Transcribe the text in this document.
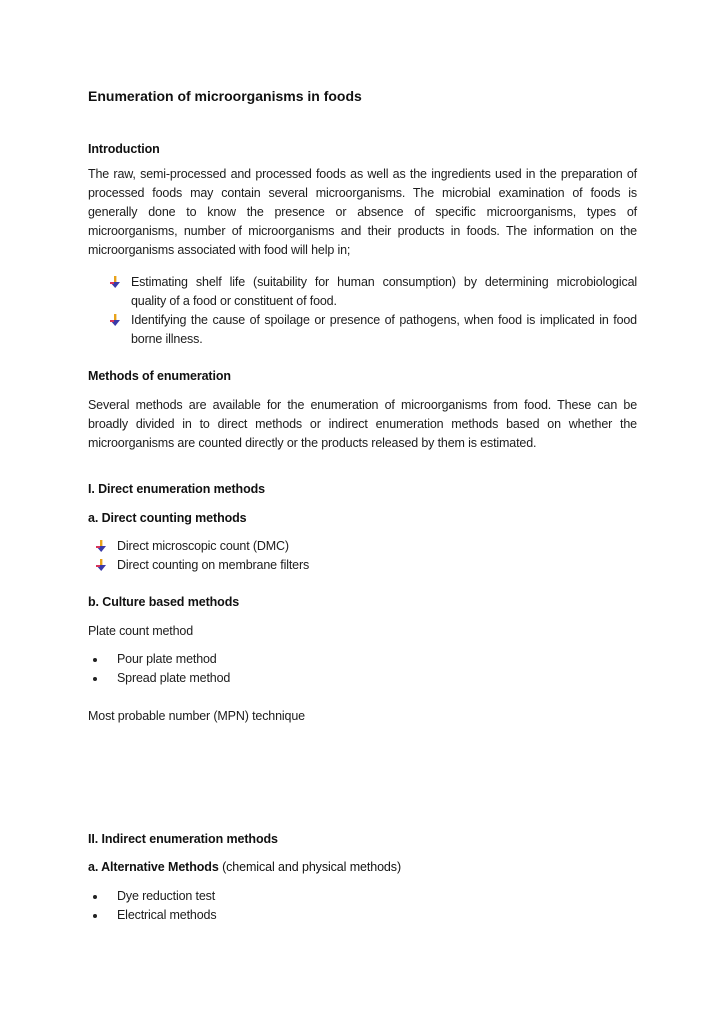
Enumeration of microorganisms in foods
Introduction
The raw, semi-processed and processed foods as well as the ingredients used in the preparation of
processed foods may contain several microorganisms. The microbial examination of foods is
generally done to know the presence or absence of specific microorganisms, types of
microorganisms, number of microorganisms and their products in foods. The information on the
microorganisms associated with food will help in;
Estimating shelf life (suitability for human consumption) by determining microbiological
quality of a food or constituent of food.
Identifying the cause of spoilage or presence of pathogens, when food is implicated in food
borne illness.
Methods of enumeration
Several methods are available for the enumeration of microorganisms from food. These can be
broadly divided in to direct methods or indirect enumeration methods based on whether the
microorganisms are counted directly or the products released by them is estimated.
I. Direct enumeration methods
a. Direct counting methods
Direct microscopic count (DMC)
Direct counting on membrane filters
b. Culture based methods
Plate count method
Pour plate method
Spread plate method
Most probable number (MPN) technique
II. Indirect enumeration methods
a. Alternative Methods (chemical and physical methods)
Dye reduction test
Electrical methods
